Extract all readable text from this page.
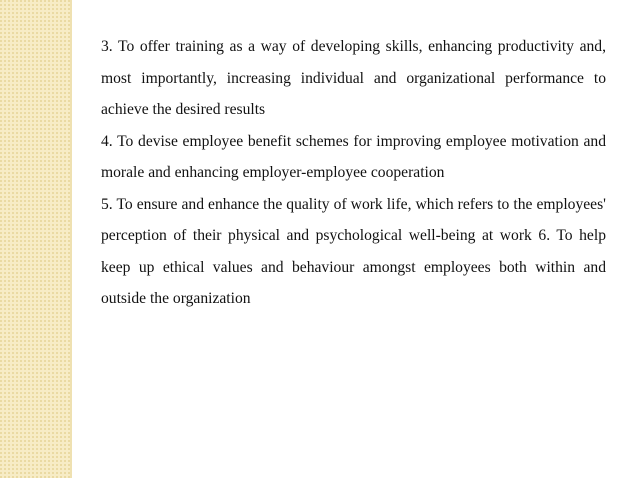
3. To offer training as a way of developing skills, enhancing productivity and, most importantly, increasing individual and organizational performance to achieve the desired results

4. To devise employee benefit schemes for improving employee motivation and morale and enhancing employer-employee cooperation

5. To ensure and enhance the quality of work life, which refers to the employees' perception of their physical and psychological well-being at work 6. To help keep up ethical values and behaviour amongst employees both within and outside the organization
